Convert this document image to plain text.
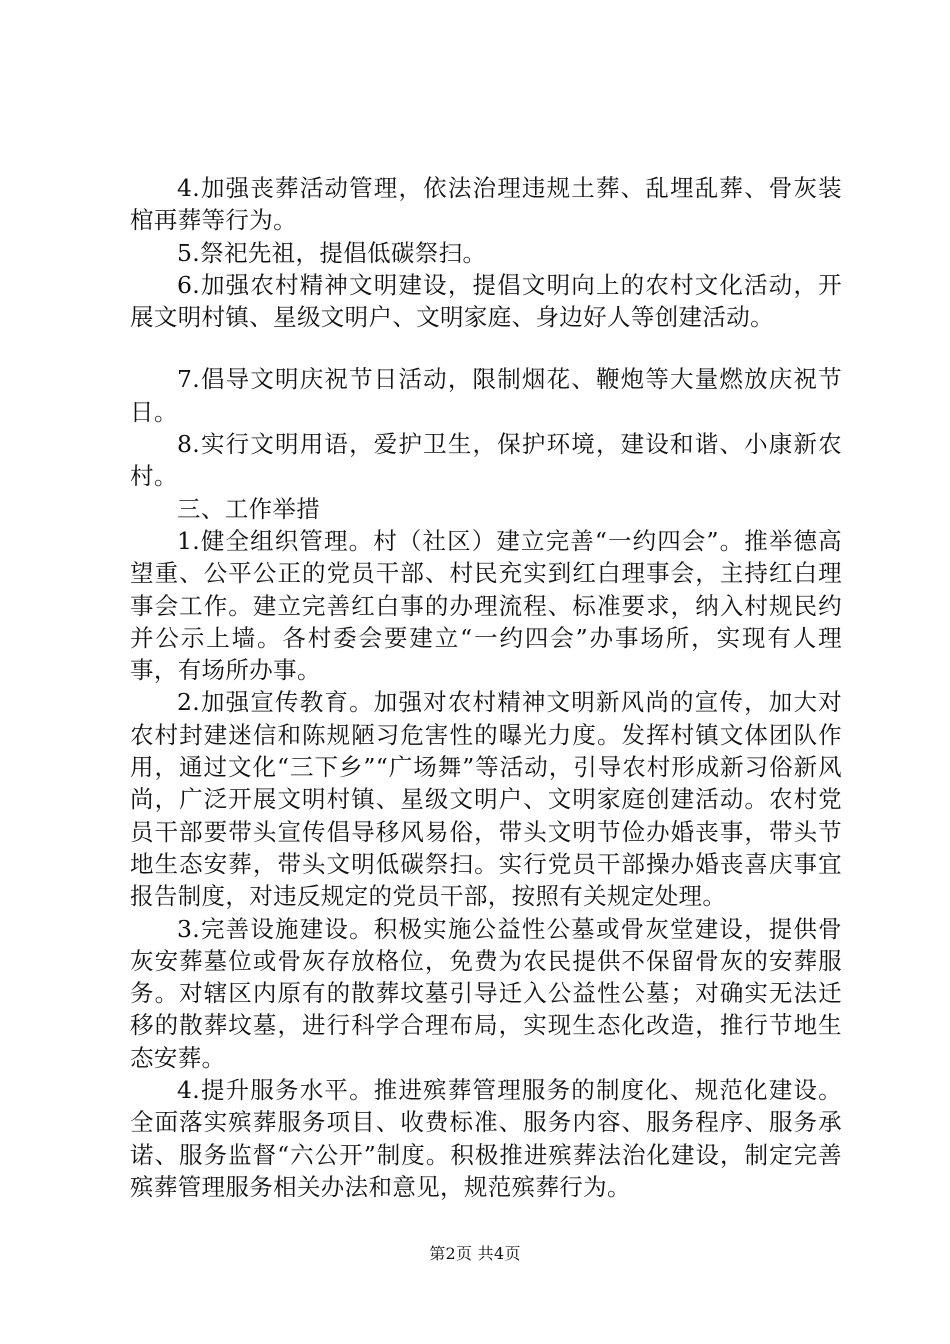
4.加强丧葬活动管理，依法治理违规土葬、乱埋乱葬、骨灰装棺再葬等行为。

5.祭祀先祖，提倡低碳祭扫。

6.加强农村精神文明建设，提倡文明向上的农村文化活动，开展文明村镇、星级文明户、文明家庭、身边好人等创建活动。

7.倡导文明庆祝节日活动，限制烟花、鞭炮等大量燃放庆祝节日。

8.实行文明用语，爱护卫生，保护环境，建设和谐、小康新农村。

三、工作举措

1.健全组织管理。村（社区）建立完善“一约四会”。推举德高望重、公平公正的党员干部、村民充实到红白理事会，主持红白理事会工作。建立完善红白事的办理流程、标准要求，纳入村规民约并公示上墙。各村委会要建立“一约四会”办事场所，实现有人理事，有场所办事。

2.加强宣传教育。加强对农村精神文明新风尚的宣传，加大对农村封建迷信和陈规陋习危害性的曝光力度。发挥村镇文体团队作用，通过文化“三下乡”“广场舞”等活动，引导农村形成新习俗新风尚，广泛开展文明村镇、星级文明户、文明家庭创建活动。农村党员干部要带头宣传倡导移风易俗，带头文明节俭办婚丧事，带头节地生态安葬，带头文明低碳祭扫。实行党员干部操办婚丧喜庆事宜报告制度，对违反规定的党员干部，按照有关规定处理。

3.完善设施建设。积极实施公益性公墓或骨灰堂建设，提供骨灰安葬墓位或骨灰存放格位，免费为农民提供不保留骨灰的安葬服务。对辖区内原有的散葬坟墓引导迁入公益性公墓；对确实无法迁移的散葬坟墓，进行科学合理布局，实现生态化改造，推行节地生态安葬。

4.提升服务水平。推进殡葬管理服务的制度化、规范化建设。全面落实殡葬服务项目、收费标准、服务内容、服务程序、服务承诺、服务监督“六公开”制度。积极推进殡葬法治化建设，制定完善殡葬管理服务相关办法和意见，规范殡葬行为。

第2页 共4页
